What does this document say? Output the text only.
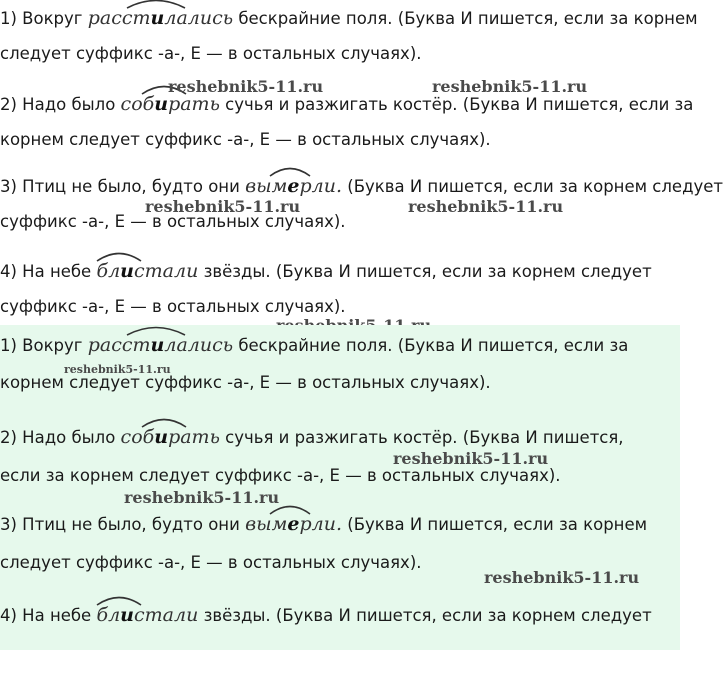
1) Вокруг
расстилались бескрайние поля. (Буква И пишется, если за корнем
следует суффикс -а-, Е — в остальных случаях).
2) Надо было
собирать сучья и разжигать костёр. (Буква И пишется, если за
корнем следует суффикс -а-, Е — в остальных случаях).
3) Птиц не было, будто они
вымерли. (Буква И пишется, если за корнем следует
суффикс -а-, Е — в остальных случаях).
4) На небе
блистали звёзды. (Буква И пишется, если за корнем следует
суффикс -а-, Е — в остальных случаях).
reshebnik5-11.ru	reshebnik5-11.ru
reshebnik5-11.ru	reshebnik5-11.ru
1) Вокруг
расстилались бескрайние поля. (Буква И пишется, если за
корнем следует суффикс -а-, Е — в остальных случаях).
2) Надо было
собирать сучья и разжигать костёр. (Буква И пишется,
если за корнем следует суффикс -а-, Е — в остальных случаях).
3) Птиц не было, будто они
вымерли. (Буква И пишется, если за корнем
следует суффикс -а-, Е — в остальных случаях).
4) На небе
блистали звёзды. (Буква И пишется, если за корнем следует
reshebnik5-11.ru
reshebnik5-11.ru
reshebnik5-11.ru
reshebnik5-11.ru
